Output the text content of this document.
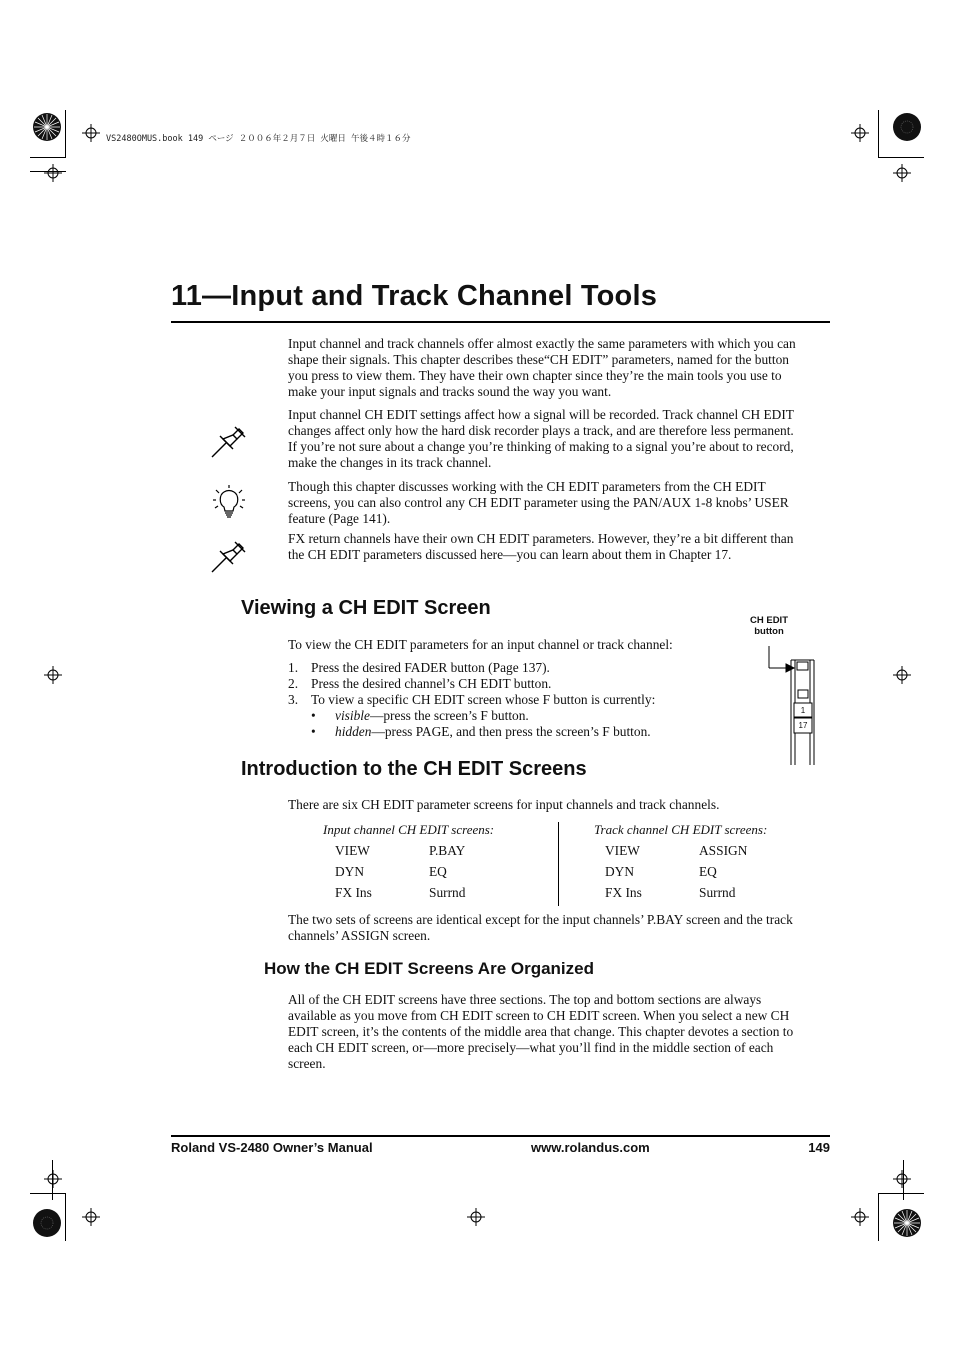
VS2480OMUS.book 149 ページ ２００６年２月７日 火曜日 午後４時１６分
11—Input and Track Channel Tools
Input channel and track channels offer almost exactly the same parameters with which you can shape their signals. This chapter describes these“CH EDIT” parameters, named for the button you press to view them. They have their own chapter since they’re the main tools you use to make your input signals and tracks sound the way you want.
Input channel CH EDIT settings affect how a signal will be recorded. Track channel CH EDIT changes affect only how the hard disk recorder plays a track, and are therefore less permanent. If you’re not sure about a change you’re thinking of making to a signal you’re about to record, make the changes in its track channel.
Though this chapter discusses working with the CH EDIT parameters from the CH EDIT screens, you can also control any CH EDIT parameter using the PAN/AUX 1-8 knobs’ USER feature (Page 141).
FX return channels have their own CH EDIT parameters. However, they’re a bit different than the CH EDIT parameters discussed here—you can learn about them in Chapter 17.
Viewing a CH EDIT Screen
To view the CH EDIT parameters for an input channel or track channel:
1. Press the desired FADER button (Page 137).
2. Press the desired channel’s CH EDIT button.
3. To view a specific CH EDIT screen whose F button is currently:
• visible—press the screen’s F button.
• hidden—press PAGE, and then press the screen’s F button.
CH EDIT
button
1
17
Introduction to the CH EDIT Screens
There are six CH EDIT parameter screens for input channels and track channels.
Input channel CH EDIT screens:	Track channel CH EDIT screens:
VIEW	P.BAY
DYN	EQ
FX Ins	Surrnd
VIEW	ASSIGN
DYN	EQ
FX Ins	Surrnd
The two sets of screens are identical except for the input channels’ P.BAY screen and the track channels’ ASSIGN screen.
How the CH EDIT Screens Are Organized
All of the CH EDIT screens have three sections. The top and bottom sections are always available as you move from CH EDIT screen to CH EDIT screen. When you select a new CH EDIT screen, it’s the contents of the middle area that change. This chapter devotes a section to each CH EDIT screen, or—more precisely—what you’ll find in the middle section of each screen.
Roland VS-2480 Owner’s Manual	www.rolandus.com	149
